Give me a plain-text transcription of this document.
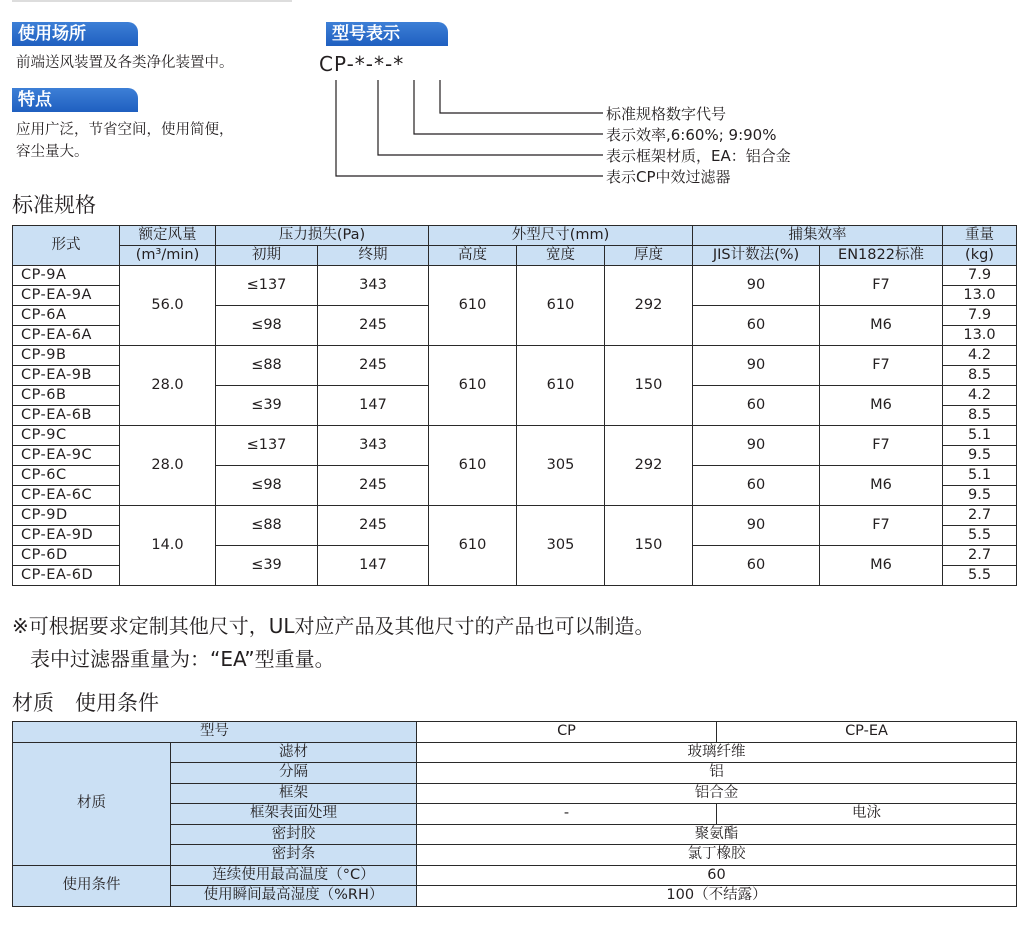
使用场所
前端送风装置及各类净化装置中。
特点
应用广泛，节省空间，使用简便，
容尘量大。
型号表示
CP-*-*-*
标准规格数字代号
表示效率,6:60%; 9:90%
表示框架材质，EA：铝合金
表示CP中效过滤器
标准规格
形式	额定风量	压力损失(Pa)		外型尺寸(mm)			捕集效率		重量
	(m³/min)	初期	终期	高度	宽度	厚度	JIS计数法(%)	EN1822标准	(kg)
CP-9A	56.0	≤137	343	610	610	292	90	F7	7.9
CP-EA-9A									13.0
CP-6A		≤98	245				60	M6	7.9
CP-EA-6A									13.0
CP-9B	28.0	≤88	245	610	610	150	90	F7	4.2
CP-EA-9B									8.5
CP-6B		≤39	147				60	M6	4.2
CP-EA-6B									8.5
CP-9C	28.0	≤137	343	610	305	292	90	F7	5.1
CP-EA-9C									9.5
CP-6C		≤98	245				60	M6	5.1
CP-EA-6C									9.5
CP-9D	14.0	≤88	245	610	305	150	90	F7	2.7
CP-EA-9D									5.5
CP-6D		≤39	147				60	M6	2.7
CP-EA-6D									5.5
※可根据要求定制其他尺寸，UL对应产品及其他尺寸的产品也可以制造。
表中过滤器重量为：“EA”型重量。
材质　使用条件
型号		CP	CP-EA
材质	滤材	玻璃纤维	
	分隔	铝	
	框架	铝合金	
	框架表面处理	-	电泳
	密封胶	聚氨酯	
	密封条	氯丁橡胶	
使用条件	连续使用最高温度（°C）	60	
	使用瞬间最高湿度（%RH）	100（不结露）	
